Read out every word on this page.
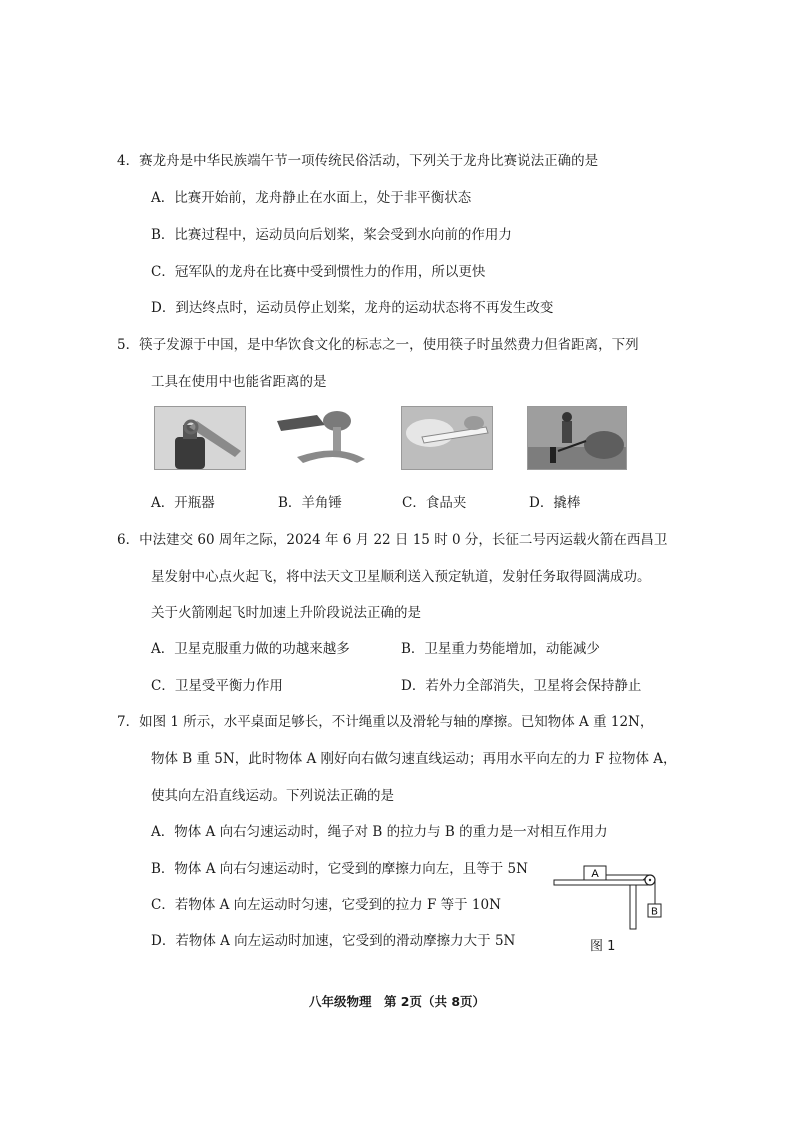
4．赛龙舟是中华民族端午节一项传统民俗活动，下列关于龙舟比赛说法正确的是
A．比赛开始前，龙舟静止在水面上，处于非平衡状态
B．比赛过程中，运动员向后划桨，桨会受到水向前的作用力
C．冠军队的龙舟在比赛中受到惯性力的作用，所以更快
D．到达终点时，运动员停止划桨，龙舟的运动状态将不再发生改变
5．筷子发源于中国，是中华饮食文化的标志之一，使用筷子时虽然费力但省距离，下列
工具在使用中也能省距离的是
A．开瓶器	B．羊角锤	C．食品夹	D．撬棒
6．中法建交 60 周年之际，2024 年 6 月 22 日 15 时 0 分，长征二号丙运载火箭在西昌卫
星发射中心点火起飞，将中法天文卫星顺利送入预定轨道，发射任务取得圆满成功。
关于火箭刚起飞时加速上升阶段说法正确的是
A．卫星克服重力做的功越来越多	B．卫星重力势能增加，动能减少
C．卫星受平衡力作用	D．若外力全部消失，卫星将会保持静止
7．如图 1 所示，水平桌面足够长，不计绳重以及滑轮与轴的摩擦。已知物体 A 重 12N，
物体 B 重 5N，此时物体 A 刚好向右做匀速直线运动；再用水平向左的力 F 拉物体 A，
使其向左沿直线运动。下列说法正确的是
A．物体 A 向右匀速运动时，绳子对 B 的拉力与 B 的重力是一对相互作用力
B．物体 A 向右匀速运动时，它受到的摩擦力向左，且等于 5N
C．若物体 A 向左运动时匀速，它受到的拉力 F 等于 10N
D．若物体 A 向左运动时加速，它受到的滑动摩擦力大于 5N
A
B
图 1
八年级物理　第 2页（共 8页）
